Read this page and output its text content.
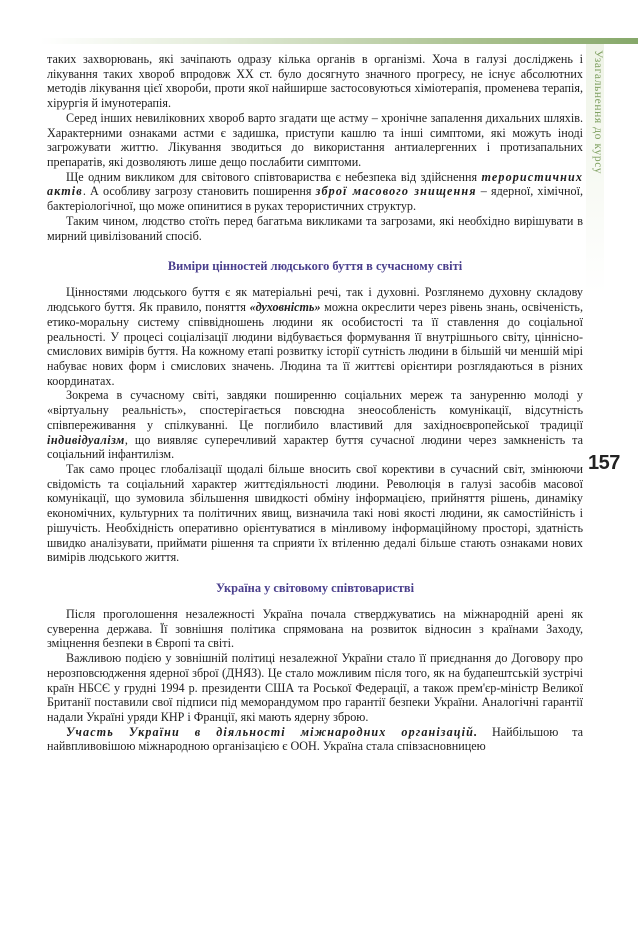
Узагальнення до курсу
157

таких захворювань, які зачіпають одразу кілька органів в організмі. Хоча в галузі досліджень і лікування таких хвороб впродовж XX ст. було досягнуто значного прогресу, не існує абсолютних методів лікування цієї хвороби, проти якої найширше застосовуються хіміотерапія, променева терапія, хірургія й імунотерапія.

Серед інших невиліковних хвороб варто згадати ще астму – хронічне запалення дихальних шляхів. Характерними ознаками астми є задишка, приступи кашлю та інші симптоми, які можуть іноді загрожувати життю. Лікування зводиться до використання антиалергенних і протизапальних препаратів, які дозволяють лише дещо послабити симптоми.

Ще одним викликом для світового співтовариства є небезпека від здійснення терористичних актів. А особливу загрозу становить поширення зброї масового знищення – ядерної, хімічної, бактеріологічної, що може опинитися в руках терористичних структур.

Таким чином, людство стоїть перед багатьма викликами та загрозами, які необхідно вирішувати в мирний цивілізований спосіб.

Виміри цінностей людського буття в сучасному світі

Цінностями людського буття є як матеріальні речі, так і духовні. Розглянемо духовну складову людського буття. Як правило, поняття «духовність» можна окреслити через рівень знань, освіченість, етико-моральну систему співвідношень людини як особистості та її ставлення до соціальної реальності. У процесі соціалізації людини відбувається формування її внутрішнього світу, ціннісно-смислових вимірів буття. На кожному етапі розвитку історії сутність людини в більшій чи меншій мірі набуває нових форм і смислових значень. Людина та її життєві орієнтири розглядаються в різних координатах.

Зокрема в сучасному світі, завдяки поширенню соціальних мереж та зануренню молоді у «віртуальну реальність», спостерігається повсюдна знеособленість комунікації, відсутність співпереживання у спілкуванні. Це поглибило властивий для західноєвропейської традиції індивідуалізм, що виявляє суперечливий характер буття сучасної людини через замкненість та соціальний інфантилізм.

Так само процес глобалізації щодалі більше вносить свої корективи в сучасний світ, змінюючи свідомість та соціальний характер життєдіяльності людини. Революція в галузі засобів масової комунікації, що зумовила збільшення швидкості обміну інформацією, прийняття рішень, динаміку економічних, культурних та політичних явищ, визначила такі нові якості людини, як самостійність і рішучість. Необхідність оперативно орієнтуватися в мінливому інформаційному просторі, здатність швидко аналізувати, приймати рішення та сприяти їх втіленню дедалі більше стають ознаками нових вимірів людського життя.

Україна у світовому співтоваристві

Після проголошення незалежності Україна почала стверджуватись на міжнародній арені як суверенна держава. Її зовнішня політика спрямована на розвиток відносин з країнами Заходу, зміцнення безпеки в Європі та світі.

Важливою подією у зовнішній політиці незалежної України стало її приєднання до Договору про нерозповсюдження ядерної зброї (ДНЯЗ). Це стало можливим після того, як на будапештській зустрічі країн НБСЄ у грудні 1994 р. президенти США та Роської Федерації, а також прем'єр-міністр Великої Британії поставили свої підписи під меморандумом про гарантії безпеки України. Аналогічні гарантії надали Україні уряди КНР і Франції, які мають ядерну зброю.

Участь України в діяльності міжнародних організацій. Найбільшою та найвпливовішою міжнародною організацією є ООН. Україна стала співзасновницею
